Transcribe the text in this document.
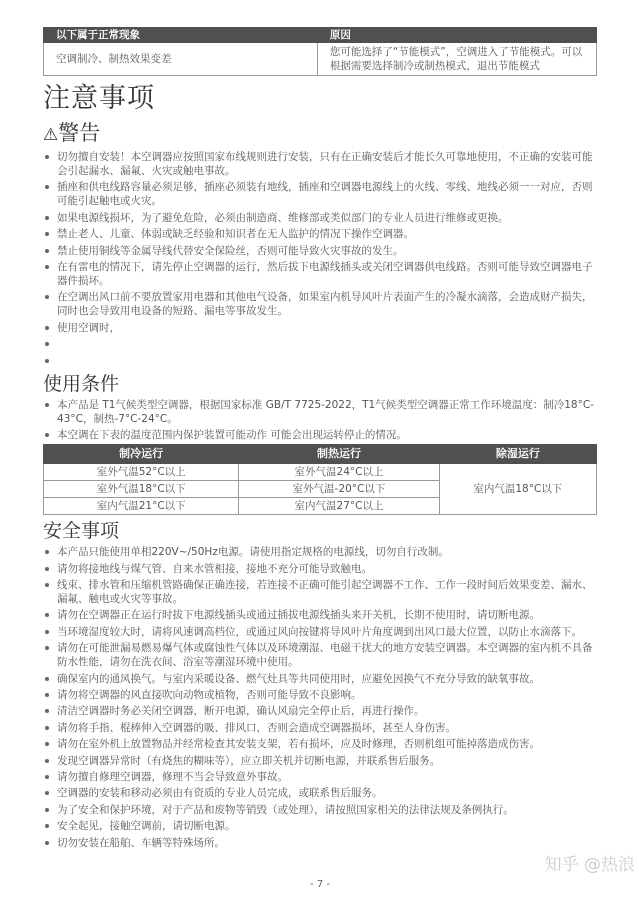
以下属于正常现象	原因
空调制冷、制热效果变差	您可能选择了“节能模式”，空调进入了节能模式。可以根据需要选择制冷或制热模式，退出节能模式
注意事项
⚠警告
切勿擅自安装！本空调器应按照国家布线规则进行安装，只有在正确安装后才能长久可靠地使用，不正确的安装可能会引起漏水、漏氟、火灾或触电事故。
插座和供电线路容量必须足够，插座必须装有地线，插座和空调器电源线上的火线、零线、地线必须一一对应，否则可能引起触电或火灾。
如果电源线损坏，为了避免危险，必须由制造商、维修部或类似部门的专业人员进行维修或更换。
禁止老人、儿童、体弱或缺乏经验和知识者在无人监护的情况下操作空调器。
禁止使用铜线等金属导线代替安全保险丝，否则可能导致火灾事故的发生。
在有雷电的情况下，请先停止空调器的运行，然后拔下电源线插头或关闭空调器供电线路。否则可能导致空调器电子器件损坏。
在空调出风口前不要放置家用电器和其他电气设备，如果室内机导风叶片表面产生的冷凝水滴落，会造成财产损失，同时也会导致用电设备的短路、漏电等事故发生。
使用空调时，
使用条件
本产品是 T1气候类型空调器，根据国家标准 GB/T 7725-2022，T1气候类型空调器正常工作环境温度：制冷18°C-43°C，制热-7°C-24°C。
本空调在下表的温度范围内保护装置可能动作 可能会出现运转停止的情况。
制冷运行	制热运行	除湿运行
室外气温52°C以上	室外气温24°C以上	室内气温18°C以下
室外气温18°C以下	室外气温-20°C以下	
室内气温21°C以下	室内气温27°C以上	
安全事项
本产品只能使用单相220V~/50Hz电源。请使用指定规格的电源线，切勿自行改制。
请勿将接地线与煤气管、自来水管相接，接地不充分可能导致触电。
线束、排水管和压缩机管路确保正确连接，若连接不正确可能引起空调器不工作、工作一段时间后效果变差、漏水、漏氟、触电或火灾等事故。
请勿在空调器正在运行时拔下电源线插头或通过插拔电源线插头来开关机，长期不使用时，请切断电源。
当环境湿度较大时，请将风速调高档位，或通过风向按键将导风叶片角度调到出风口最大位置，以防止水滴落下。
请勿在可能泄漏易燃易爆气体或腐蚀性气体以及环境潮湿、电磁干扰大的地方安装空调器。本空调器的室内机不具备防水性能，请勿在洗衣间、浴室等潮湿环境中使用。
确保室内的通风换气。与室内采暖设备、燃气灶具等共同使用时，应避免因换气不充分导致的缺氧事故。
请勿将空调器的风直接吹向动物或植物，否则可能导致不良影响。
清洁空调器时务必关闭空调器，断开电源，确认风扇完全停止后，再进行操作。
请勿将手指、棍棒伸入空调器的吸、排风口，否则会造成空调器损坏，甚至人身伤害。
请勿在室外机上放置物品并经常检查其安装支架，若有损坏，应及时修理，否则机组可能掉落造成伤害。
发现空调器异常时（有烧焦的糊味等），应立即关机并切断电源，并联系售后服务。
请勿擅自修理空调器，修理不当会导致意外事故。
空调器的安装和移动必须由有资质的专业人员完成，或联系售后服务。
为了安全和保护环境，对于产品和废物等销毁（或处理），请按照国家相关的法律法规及条例执行。
安全起见，接触空调前，请切断电源。
切勿安装在船舶、车辆等特殊场所。
知乎 @热浪
- 7 -
